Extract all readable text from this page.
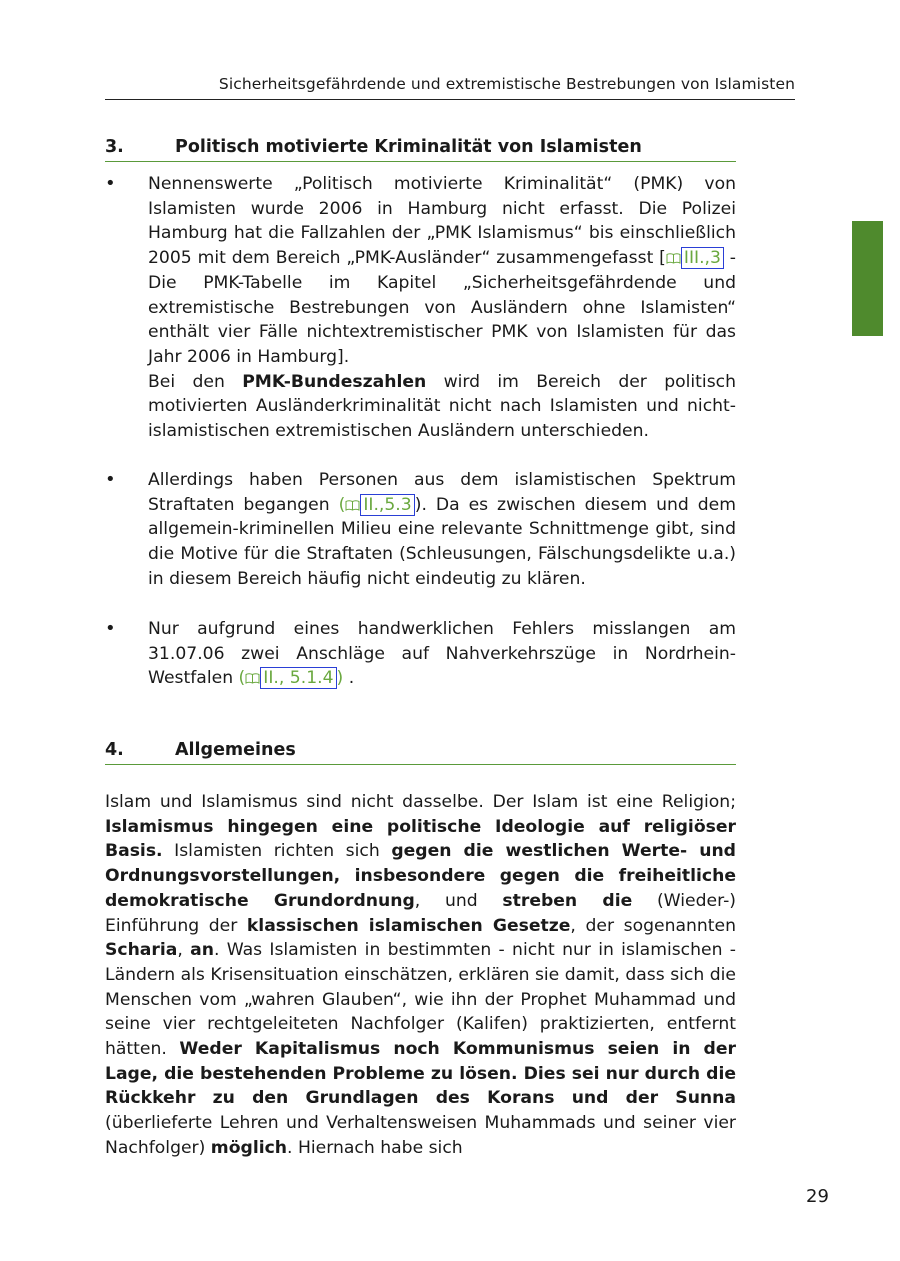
Sicherheitsgefährdende und extremistische Bestrebungen von Islamisten
3.	Politisch motivierte Kriminalität von Islamisten
• Nennenswerte „Politisch motivierte Kriminalität“ (PMK) von Islamisten wurde 2006 in Hamburg nicht erfasst. Die Polizei Hamburg hat die Fallzahlen der „PMK Islamismus“ bis einschließlich 2005 mit dem Bereich „PMK-Ausländer“ zusammengefasst [ III.,3 - Die PMK-Tabelle im Kapitel „Sicherheitsgefährdende und extremistische Bestrebungen von Ausländern ohne Islamisten“ enthält vier Fälle nichtextremistischer PMK von Islamisten für das Jahr 2006 in Hamburg].
Bei den PMK-Bundeszahlen wird im Bereich der politisch motivierten Ausländerkriminalität nicht nach Islamisten und nicht-islamistischen extremistischen Ausländern unterschieden.
• Allerdings haben Personen aus dem islamistischen Spektrum Straftaten begangen ( II.,5.3 ). Da es zwischen diesem und dem allgemein-kriminellen Milieu eine relevante Schnittmenge gibt, sind die Motive für die Straftaten (Schleusungen, Fälschungsdelikte u.a.) in diesem Bereich häufig nicht eindeutig zu klären.
• Nur aufgrund eines handwerklichen Fehlers misslangen am 31.07.06 zwei Anschläge auf Nahverkehrszüge in Nordrhein-Westfalen ( II., 5.1.4 ) .
4.	Allgemeines
Islam und Islamismus sind nicht dasselbe. Der Islam ist eine Religion; Islamismus hingegen eine politische Ideologie auf religiöser Basis. Islamisten richten sich gegen die westlichen Werte- und Ordnungsvorstellungen, insbesondere gegen die freiheitliche demokratische Grundordnung, und streben die (Wieder-) Einführung der klassischen islamischen Gesetze, der sogenannten Scharia, an. Was Islamisten in bestimmten - nicht nur in islamischen - Ländern als Krisensituation einschätzen, erklären sie damit, dass sich die Menschen vom „wahren Glauben“, wie ihn der Prophet Muhammad und seine vier rechtgeleiteten Nachfolger (Kalifen) praktizierten, entfernt hätten. Weder Kapitalismus noch Kommunismus seien in der Lage, die bestehenden Probleme zu lösen. Dies sei nur durch die Rückkehr zu den Grundlagen des Korans und der Sunna (überlieferte Lehren und Verhaltensweisen Muhammads und seiner vier Nachfolger) möglich. Hiernach habe sich
29
